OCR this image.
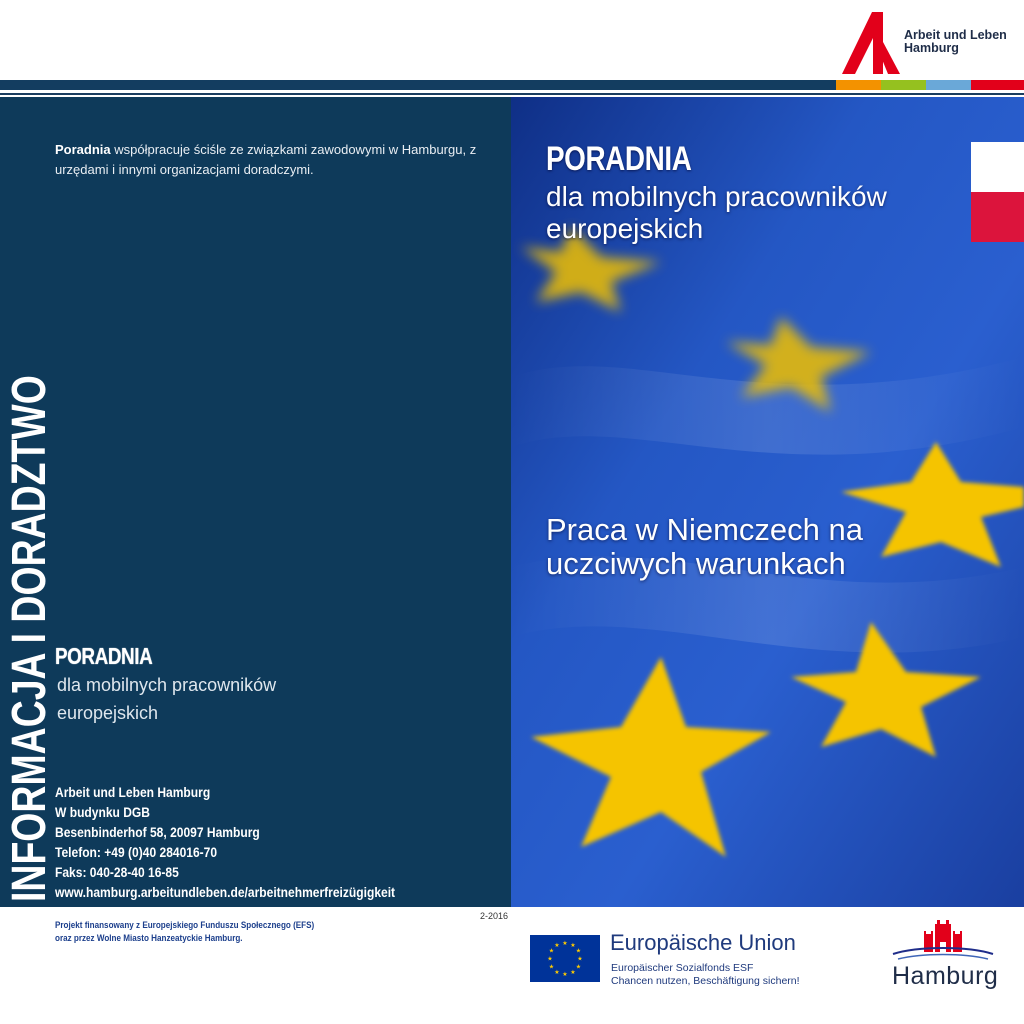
Arbeit und Leben
Hamburg
Poradnia współpracuje ściśle ze związkami zawodowymi w Hamburgu, z urzędami i innymi organizacjami doradczymi.
INFORMACJA I DORADZTWO PORADNIA
dla mobilnych pracowników
europejskich
Arbeit und Leben Hamburg
W budynku DGB
Besenbinderhof 58, 20097 Hamburg
Telefon: +49 (0)40 284016-70
Faks: 040-28-40 16-85
www.hamburg.arbeitundleben.de/arbeitnehmerfreizügigkeit
PORADNIA
dla mobilnych pracowników
europejskich
Praca w Niemczech na
uczciwych warunkach
Projekt finansowany z Europejskiego Funduszu Społecznego (EFS)
oraz przez Wolne Miasto Hanzeatyckie Hamburg.
2-2016
★ ★
★
★
★
★
★
★
★
★
★
★ Europäische Union
Europäischer Sozialfonds ESF
Chancen nutzen, Beschäftigung sichern!	Hamburg
